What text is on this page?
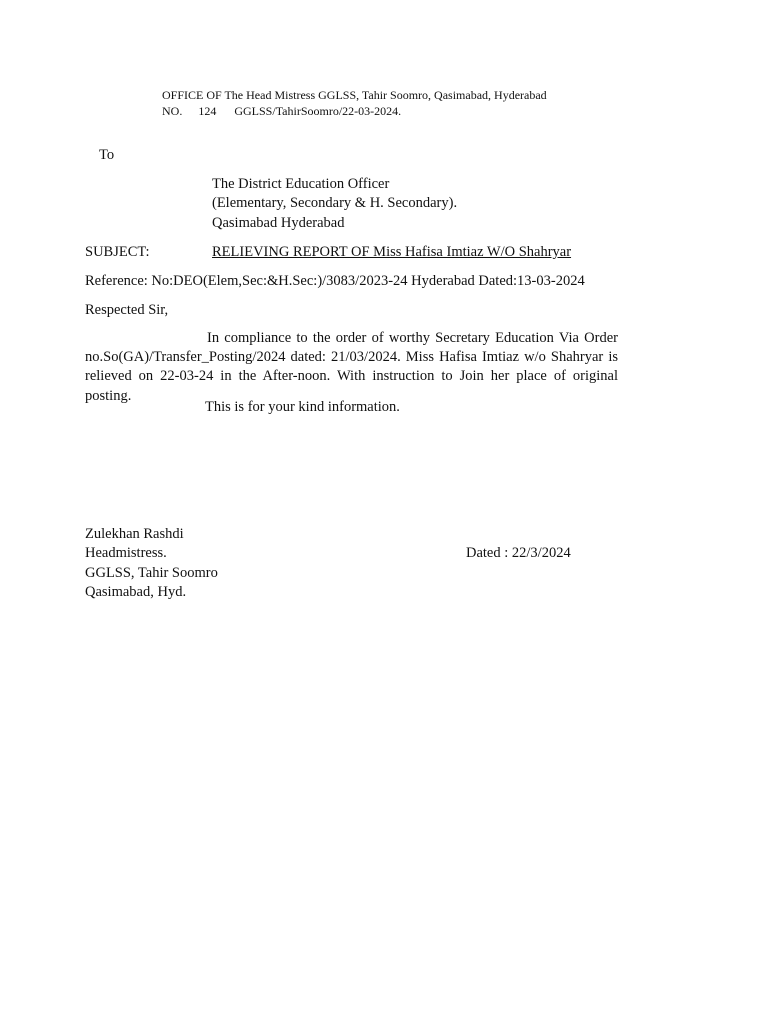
OFFICE OF The Head Mistress GGLSS, Tahir Soomro, Qasimabad, Hyderabad
NO. 124 GGLSS/TahirSoomro/22-03-2024.
To
The District Education Officer
(Elementary, Secondary & H. Secondary).
Qasimabad Hyderabad
SUBJECT:	RELIEVING REPORT OF Miss Hafisa Imtiaz W/O Shahryar
Reference: No:DEO(Elem,Sec:&H.Sec:)/3083/2023-24 Hyderabad Dated:13-03-2024
Respected Sir,
In compliance to the order of worthy Secretary Education Via Order no.So(GA)/Transfer_Posting/2024 dated: 21/03/2024. Miss Hafisa Imtiaz w/o Shahryar is relieved on 22-03-24 in the After-noon. With instruction to Join her place of original posting.
This is for your kind information.
Zulekhan Rashdi
Headmistress.
GGLSS, Tahir Soomro
Qasimabad, Hyd.
Dated : 22/3/2024
